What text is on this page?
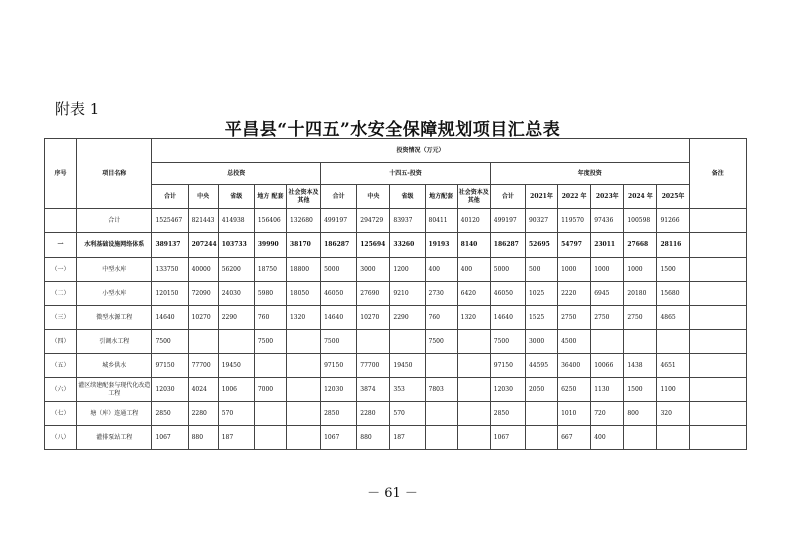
附表 1
平昌县“十四五”水安全保障规划项目汇总表
序号	项目名称	投资情况（万元）																备注
		总投资					十四五-投资					年度投资						
		合计	中央	省级	地方 配套	社会资本及其他	合计	中央	省级	地方配套	社会资本及其他	合计	2021年	2022 年	2023年	2024 年	2025年	
	合计	1525467	821443	414938	156406	132680	499197	294729	83937	80411	40120	499197	90327	119570	97436	100598	91266	
一	水利基础设施网络体系	389137	207244	103733	39990	38170	186287	125694	33260	19193	8140	186287	52695	54797	23011	27668	28116	
（一）	中型水库	133750	40000	56200	18750	18800	5000	3000	1200	400	400	5000	500	1000	1000	1000	1500	
（二）	小型水库	120150	72090	24030	5980	18050	46050	27690	9210	2730	6420	46050	1025	2220	6945	20180	15680	
（三）	微型水源工程	14640	10270	2290	760	1320	14640	10270	2290	760	1320	14640	1525	2750	2750	2750	4865	
（四）	引调水工程	7500			7500		7500			7500		7500	3000	4500				
（五）	城乡供水	97150	77700	19450			97150	77700	19450			97150	44595	36400	10066	1438	4651	
（六）	灌区续建配套与现代化改造工程	12030	4024	1006	7000		12030	3874	353	7803		12030	2050	6250	1130	1500	1100	
（七）	塘（库）连通工程	2850	2280	570			2850	2280	570			2850		1010	720	800	320	
（八）	灌排泵站工程	1067	880	187			1067	880	187			1067		667	400			
－ 61 －
